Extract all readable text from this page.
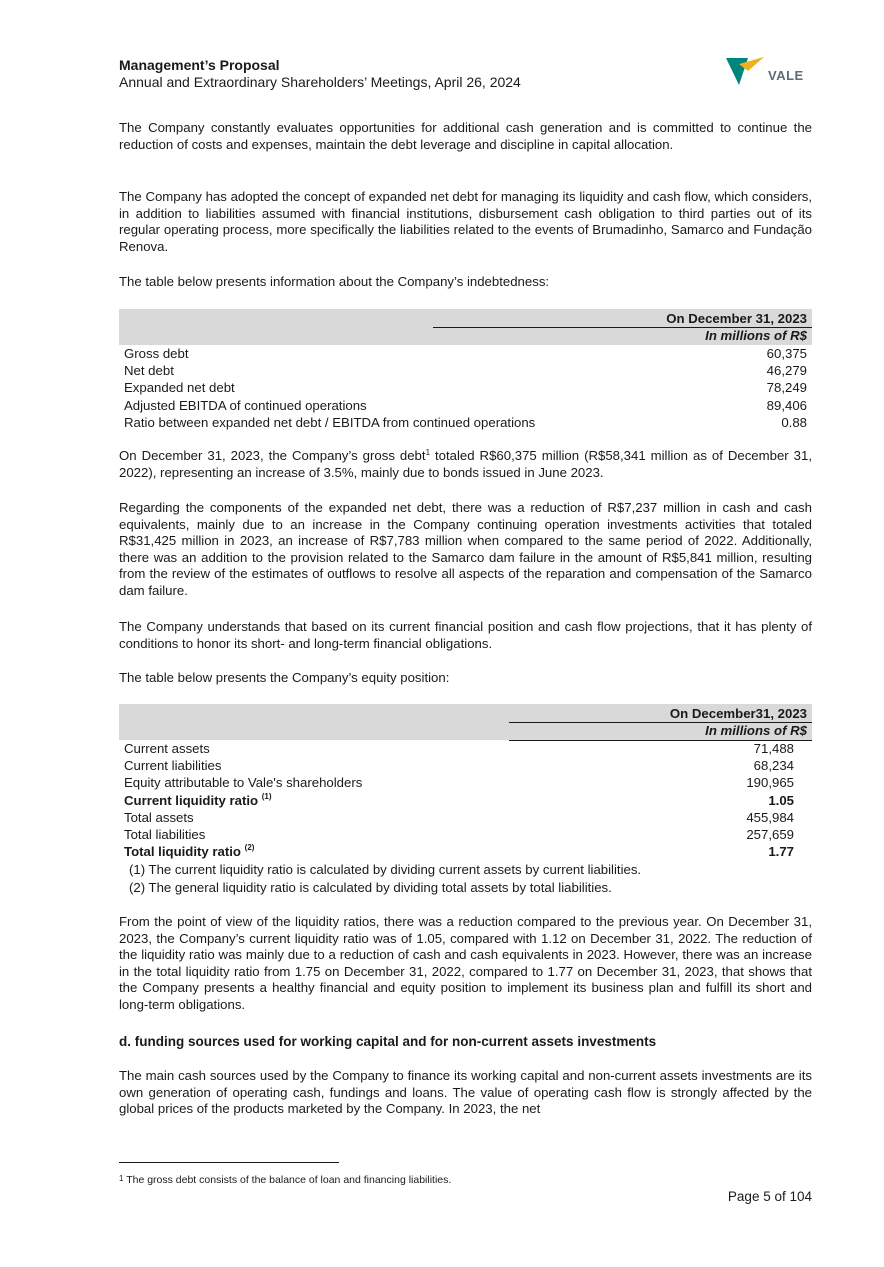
Management’s Proposal
Annual and Extraordinary Shareholders’ Meetings, April 26, 2024	VALE

The Company constantly evaluates opportunities for additional cash generation and is committed to continue the reduction of costs and expenses, maintain the debt leverage and discipline in capital allocation.

The Company has adopted the concept of expanded net debt for managing its liquidity and cash flow, which considers, in addition to liabilities assumed with financial institutions, disbursement cash obligation to third parties out of its regular operating process, more specifically the liabilities related to the events of Brumadinho, Samarco and Fundação Renova.

The table below presents information about the Company’s indebtedness:

On December 31, 2023
In millions of R$
Gross debt	60,375
Net debt	46,279
Expanded net debt	78,249
Adjusted EBITDA of continued operations	89,406
Ratio between expanded net debt / EBITDA from continued operations	0.88

On December 31, 2023, the Company’s gross debt$^1$ totaled R$60,375 million (R$58,341 million as of December 31, 2022), representing an increase of 3.5%, mainly due to bonds issued in June 2023.

Regarding the components of the expanded net debt, there was a reduction of R$7,237 million in cash and cash equivalents, mainly due to an increase in the Company continuing operation investments activities that totaled R$31,425 million in 2023, an increase of R$7,783 million when compared to the same period of 2022. Additionally, there was an addition to the provision related to the Samarco dam failure in the amount of R$5,841 million, resulting from the review of the estimates of outflows to resolve all aspects of the reparation and compensation of the Samarco dam failure.

The Company understands that based on its current financial position and cash flow projections, that it has plenty of conditions to honor its short- and long-term financial obligations.

The table below presents the Company’s equity position:

On December31, 2023
In millions of R$
Current assets	71,488
Current liabilities	68,234
Equity attributable to Vale's shareholders	190,965
Current liquidity ratio $^{(1)}$	1.05
Total assets	455,984
Total liabilities	257,659
Total liquidity ratio $^{(2)}$	1.77
(1) The current liquidity ratio is calculated by dividing current assets by current liabilities.
(2) The general liquidity ratio is calculated by dividing total assets by total liabilities.

From the point of view of the liquidity ratios, there was a reduction compared to the previous year. On December 31, 2023, the Company’s current liquidity ratio was of 1.05, compared with 1.12 on December 31, 2022. The reduction of the liquidity ratio was mainly due to a reduction of cash and cash equivalents in 2023. However, there was an increase in the total liquidity ratio from 1.75 on December 31, 2022, compared to 1.77 on December 31, 2023, that shows that the Company presents a healthy financial and equity position to implement its business plan and fulfill its short and long-term obligations.

d. funding sources used for working capital and for non-current assets investments

The main cash sources used by the Company to finance its working capital and non-current assets investments are its own generation of operating cash, fundings and loans. The value of operating cash flow is strongly affected by the global prices of the products marketed by the Company. In 2023, the net

$^1$ The gross debt consists of the balance of loan and financing liabilities.
Page 5 of 104
